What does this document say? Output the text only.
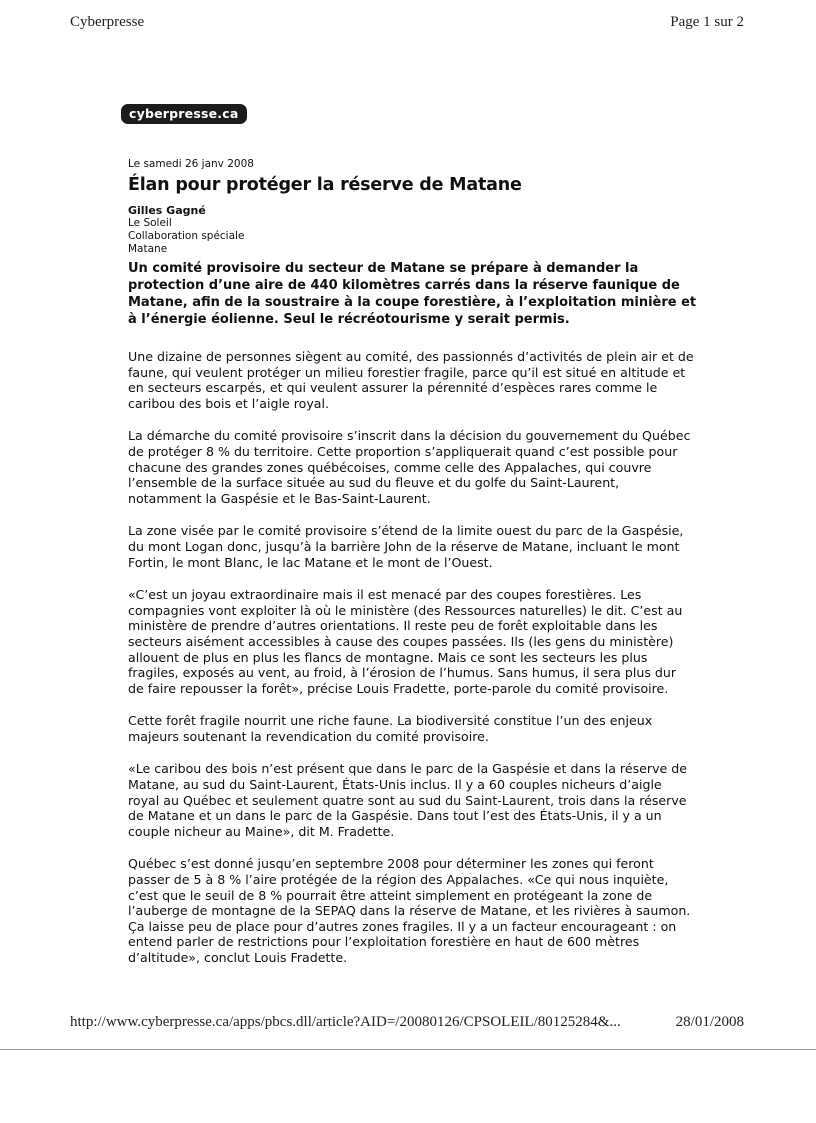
Cyberpresse	Page 1 sur 2
cyberpresse.ca

Le samedi 26 janv 2008

Élan pour protéger la réserve de Matane
Gilles Gagné
Le Soleil
Collaboration spéciale
Matane

Un comité provisoire du secteur de Matane se prépare à demander la protection d’une aire de 440 kilomètres carrés dans la réserve faunique de Matane, afin de la soustraire à la coupe forestière, à l’exploitation minière et à l’énergie éolienne. Seul le récréotourisme y serait permis.

Une dizaine de personnes siègent au comité, des passionnés d’activités de plein air et de faune, qui veulent protéger un milieu forestier fragile, parce qu’il est situé en altitude et en secteurs escarpés, et qui veulent assurer la pérennité d’espèces rares comme le caribou des bois et l’aigle royal.

La démarche du comité provisoire s’inscrit dans la décision du gouvernement du Québec de protéger 8 % du territoire. Cette proportion s’appliquerait quand c’est possible pour chacune des grandes zones québécoises, comme celle des Appalaches, qui couvre l’ensemble de la surface située au sud du fleuve et du golfe du Saint-Laurent, notamment la Gaspésie et le Bas-Saint-Laurent.

La zone visée par le comité provisoire s’étend de la limite ouest du parc de la Gaspésie, du mont Logan donc, jusqu’à la barrière John de la réserve de Matane, incluant le mont Fortin, le mont Blanc, le lac Matane et le mont de l’Ouest.

«C’est un joyau extraordinaire mais il est menacé par des coupes forestières. Les compagnies vont exploiter là où le ministère (des Ressources naturelles) le dit. C’est au ministère de prendre d’autres orientations. Il reste peu de forêt exploitable dans les secteurs aisément accessibles à cause des coupes passées. Ils (les gens du ministère) allouent de plus en plus les flancs de montagne. Mais ce sont les secteurs les plus fragiles, exposés au vent, au froid, à l’érosion de l’humus. Sans humus, il sera plus dur de faire repousser la forêt», précise Louis Fradette, porte-parole du comité provisoire.

Cette forêt fragile nourrit une riche faune. La biodiversité constitue l’un des enjeux majeurs soutenant la revendication du comité provisoire.

«Le caribou des bois n’est présent que dans le parc de la Gaspésie et dans la réserve de Matane, au sud du Saint-Laurent, États-Unis inclus. Il y a 60 couples nicheurs d’aigle royal au Québec et seulement quatre sont au sud du Saint-Laurent, trois dans la réserve de Matane et un dans le parc de la Gaspésie. Dans tout l’est des États-Unis, il y a un couple nicheur au Maine», dit M. Fradette.

Québec s’est donné jusqu’en septembre 2008 pour déterminer les zones qui feront passer de 5 à 8 % l’aire protégée de la région des Appalaches. «Ce qui nous inquiète, c’est que le seuil de 8 % pourrait être atteint simplement en protégeant la zone de l’auberge de montagne de la SEPAQ dans la réserve de Matane, et les rivières à saumon. Ça laisse peu de place pour d’autres zones fragiles. Il y a un facteur encourageant : on entend parler de restrictions pour l’exploitation forestière en haut de 600 mètres d’altitude», conclut Louis Fradette.

http://www.cyberpresse.ca/apps/pbcs.dll/article?AID=/20080126/CPSOLEIL/80125284&...	28/01/2008
